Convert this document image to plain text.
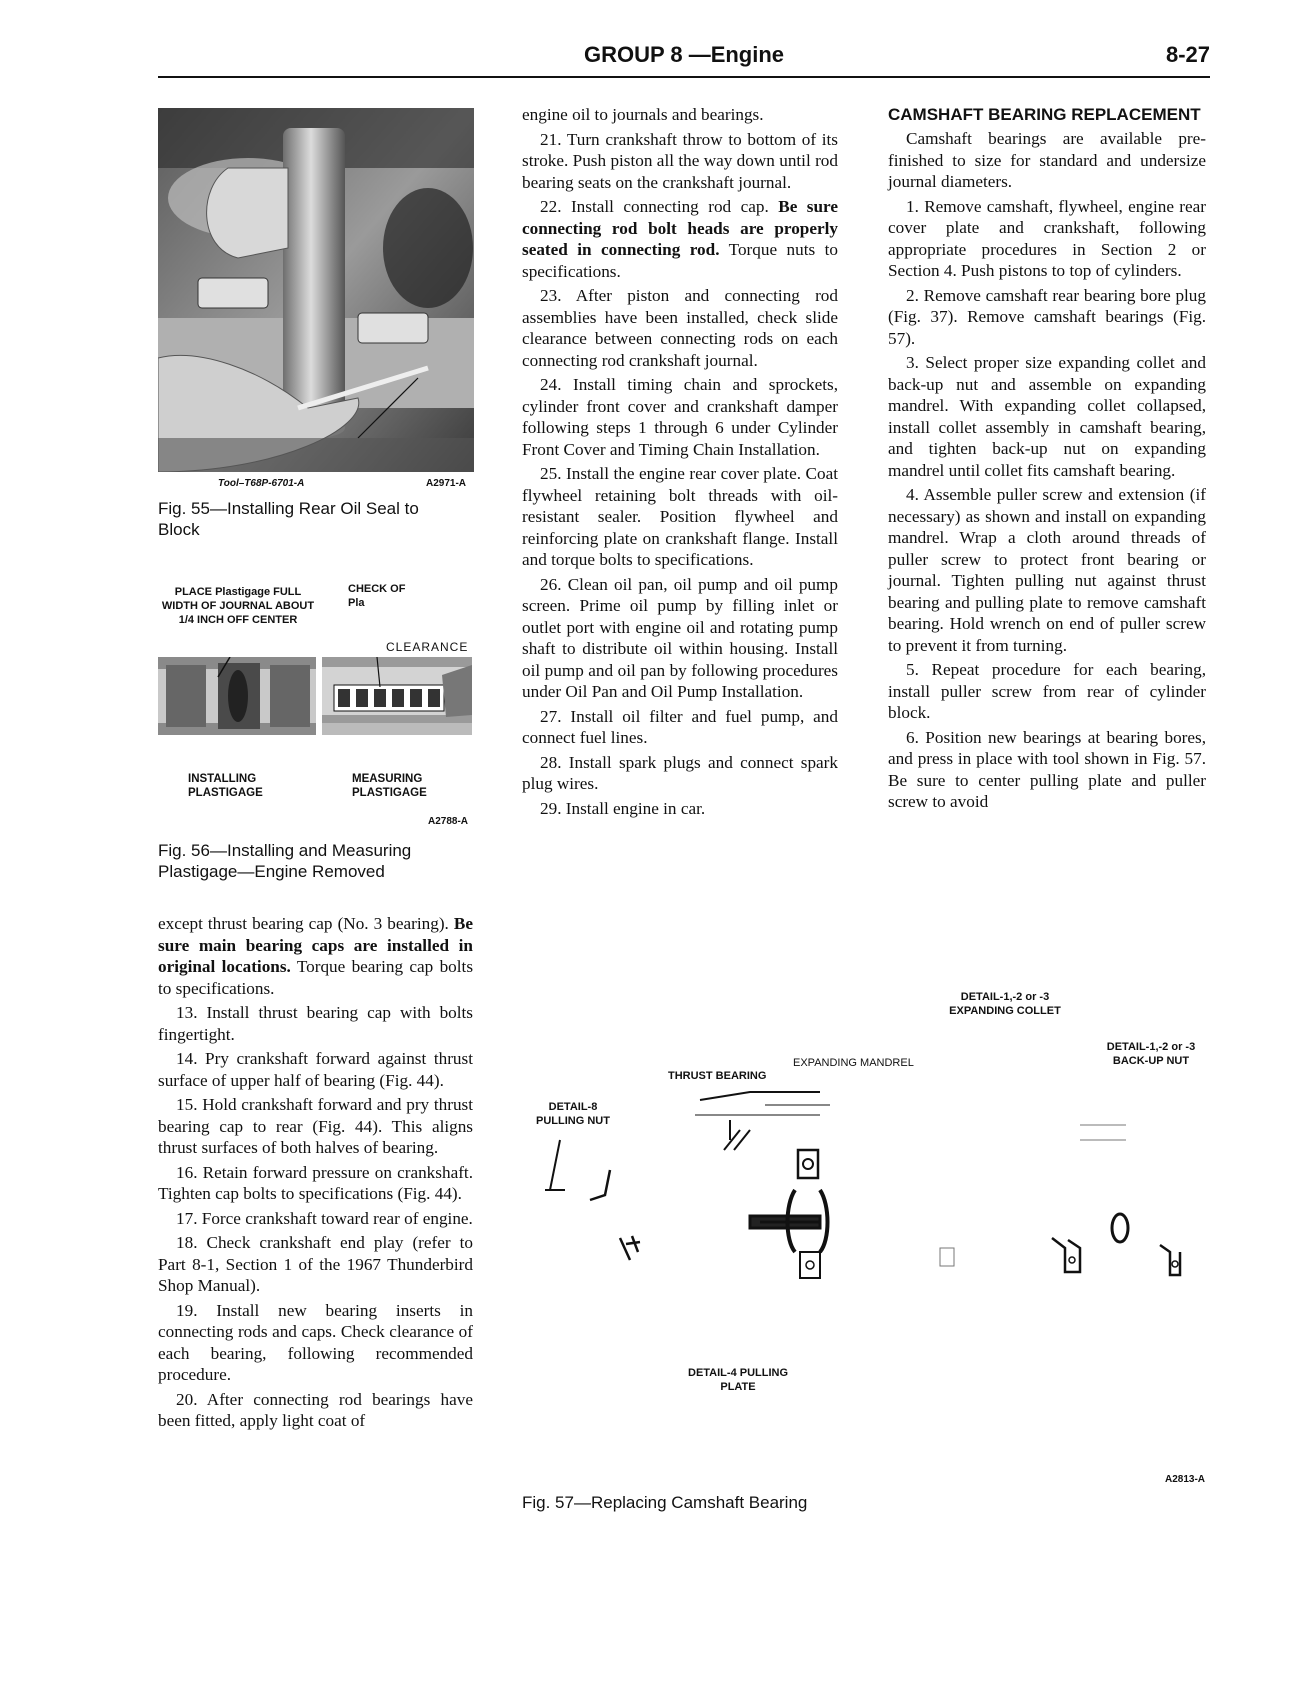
GROUP 8 —Engine	8-27
Tool–T68P-6701-A	A2971-A
Fig. 55—Installing Rear Oil Seal to Block
PLACE Plastigage FULL WIDTH OF JOURNAL ABOUT 1/4 INCH OFF CENTER
CHECK OF Pla
CLEARANCE
INSTALLING PLASTIGAGE
MEASURING PLASTIGAGE
A2788-A
Fig. 56—Installing and Measuring Plastigage—Engine Removed

except thrust bearing cap (No. 3 bearing). Be sure main bearing caps are installed in original locations. Torque bearing cap bolts to specifications.

13. Install thrust bearing cap with bolts fingertight.

14. Pry crankshaft forward against thrust surface of upper half of bearing (Fig. 44).

15. Hold crankshaft forward and pry thrust bearing cap to rear (Fig. 44). This aligns thrust surfaces of both halves of bearing.

16. Retain forward pressure on crankshaft. Tighten cap bolts to specifications (Fig. 44).

17. Force crankshaft toward rear of engine.

18. Check crankshaft end play (refer to Part 8-1, Section 1 of the 1967 Thunderbird Shop Manual).

19. Install new bearing inserts in connecting rods and caps. Check clearance of each bearing, following recommended procedure.

20. After connecting rod bearings have been fitted, apply light coat of

engine oil to journals and bearings.

21. Turn crankshaft throw to bottom of its stroke. Push piston all the way down until rod bearing seats on the crankshaft journal.

22. Install connecting rod cap. Be sure connecting rod bolt heads are properly seated in connecting rod. Torque nuts to specifications.

23. After piston and connecting rod assemblies have been installed, check slide clearance between connecting rods on each connecting rod crankshaft journal.

24. Install timing chain and sprockets, cylinder front cover and crankshaft damper following steps 1 through 6 under Cylinder Front Cover and Timing Chain Installation.

25. Install the engine rear cover plate. Coat flywheel retaining bolt threads with oil-resistant sealer. Position flywheel and reinforcing plate on crankshaft flange. Install and torque bolts to specifications.

26. Clean oil pan, oil pump and oil pump screen. Prime oil pump by filling inlet or outlet port with engine oil and rotating pump shaft to distribute oil within housing. Install oil pump and oil pan by following procedures under Oil Pan and Oil Pump Installation.

27. Install oil filter and fuel pump, and connect fuel lines.

28. Install spark plugs and connect spark plug wires.

29. Install engine in car.

CAMSHAFT BEARING REPLACEMENT

Camshaft bearings are available pre-finished to size for standard and undersize journal diameters.

1. Remove camshaft, flywheel, engine rear cover plate and crankshaft, following appropriate procedures in Section 2 or Section 4. Push pistons to top of cylinders.

2. Remove camshaft rear bearing bore plug (Fig. 37). Remove camshaft bearings (Fig. 57).

3. Select proper size expanding collet and back-up nut and assemble on expanding mandrel. With expanding collet collapsed, install collet assembly in camshaft bearing, and tighten back-up nut on expanding mandrel until collet fits camshaft bearing.

4. Assemble puller screw and extension (if necessary) as shown and install on expanding mandrel. Wrap a cloth around threads of puller screw to protect front bearing or journal. Tighten pulling nut against thrust bearing and pulling plate to remove camshaft bearing. Hold wrench on end of puller screw to prevent it from turning.

5. Repeat procedure for each bearing, install puller screw from rear of cylinder block.

6. Position new bearings at bearing bores, and press in place with tool shown in Fig. 57. Be sure to center pulling plate and puller screw to avoid

DETAIL-1,-2 or -3 EXPANDING COLLET
DETAIL-1,-2 or -3 BACK-UP NUT
THRUST BEARING
EXPANDING MANDREL
DETAIL-8 PULLING NUT
DETAIL-4 PULLING PLATE
A2813-A
Fig. 57—Replacing Camshaft Bearing
